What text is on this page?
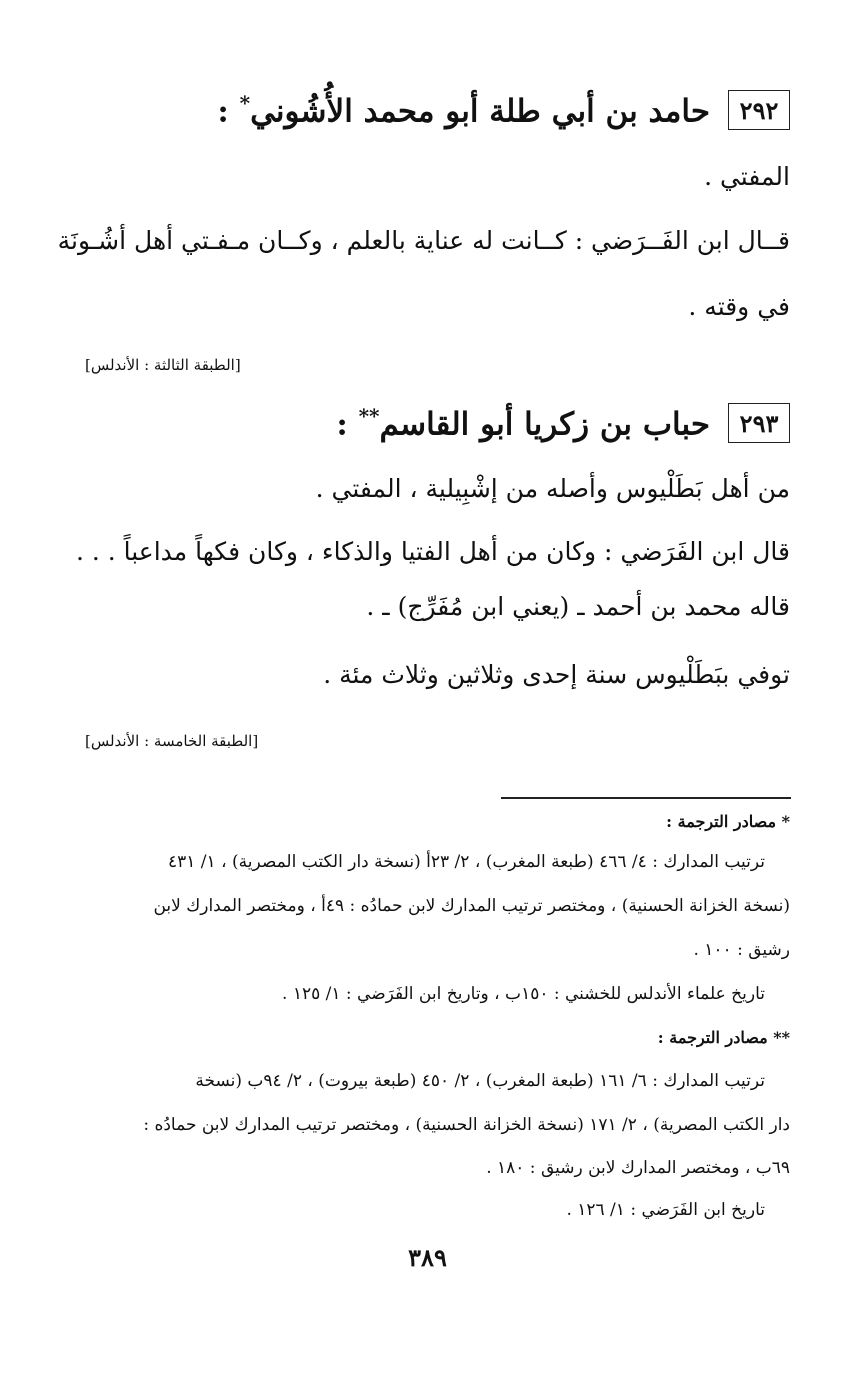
٢٩٢
حامد بن أبي طلة أبو محمد الأُشُوني* :
المفتي .
قــال ابن الفَــرَضي : كــانت له عناية بالعلم ، وكــان مـفـتي أهل أشُـونَة
في وقته .
[ الطبقة الثالثة : الأندلس ]
٢٩٣
حباب بن زكريا أبو القاسم** :
من أهل بَطَلْيوس وأصله من إشْبِيلية ، المفتي .
قال ابن الفَرَضي : وكان من أهل الفتيا والذكاء ، وكان فكهاً مداعباً . . .
قاله محمد بن أحمد ـ (يعني ابن مُفَرِّج) ـ .
توفي ببَطَلْيوس سنة إحدى وثلاثين وثلاث مئة .
[ الطبقة الخامسة : الأندلس ]
* مصادر الترجمة :
ترتيب المدارك : ٤/ ٤٦٦ (طبعة المغرب) ، ٢/ ٢٣أ (نسخة دار الكتب المصرية) ، ١/ ٤٣١
(نسخة الخزانة الحسنية) ، ومختصر ترتيب المدارك لابن حمادُه : ٤٩أ ، ومختصر المدارك لابن
رشيق : ١٠٠ .
تاريخ علماء الأندلس للخشني : ١٥٠ب ، وتاريخ ابن الفَرَضي : ١/ ١٢٥ .
** مصادر الترجمة :
ترتيب المدارك : ٦/ ١٦١ (طبعة المغرب) ، ٢/ ٤٥٠ (طبعة بيروت) ، ٢/ ٩٤ب (نسخة
دار الكتب المصرية) ، ٢/ ١٧١ (نسخة الخزانة الحسنية) ، ومختصر ترتيب المدارك لابن حمادُه :
٦٩ب ، ومختصر المدارك لابن رشيق : ١٨٠ .
تاريخ ابن الفَرَضي : ١/ ١٢٦ .
٣٨٩
